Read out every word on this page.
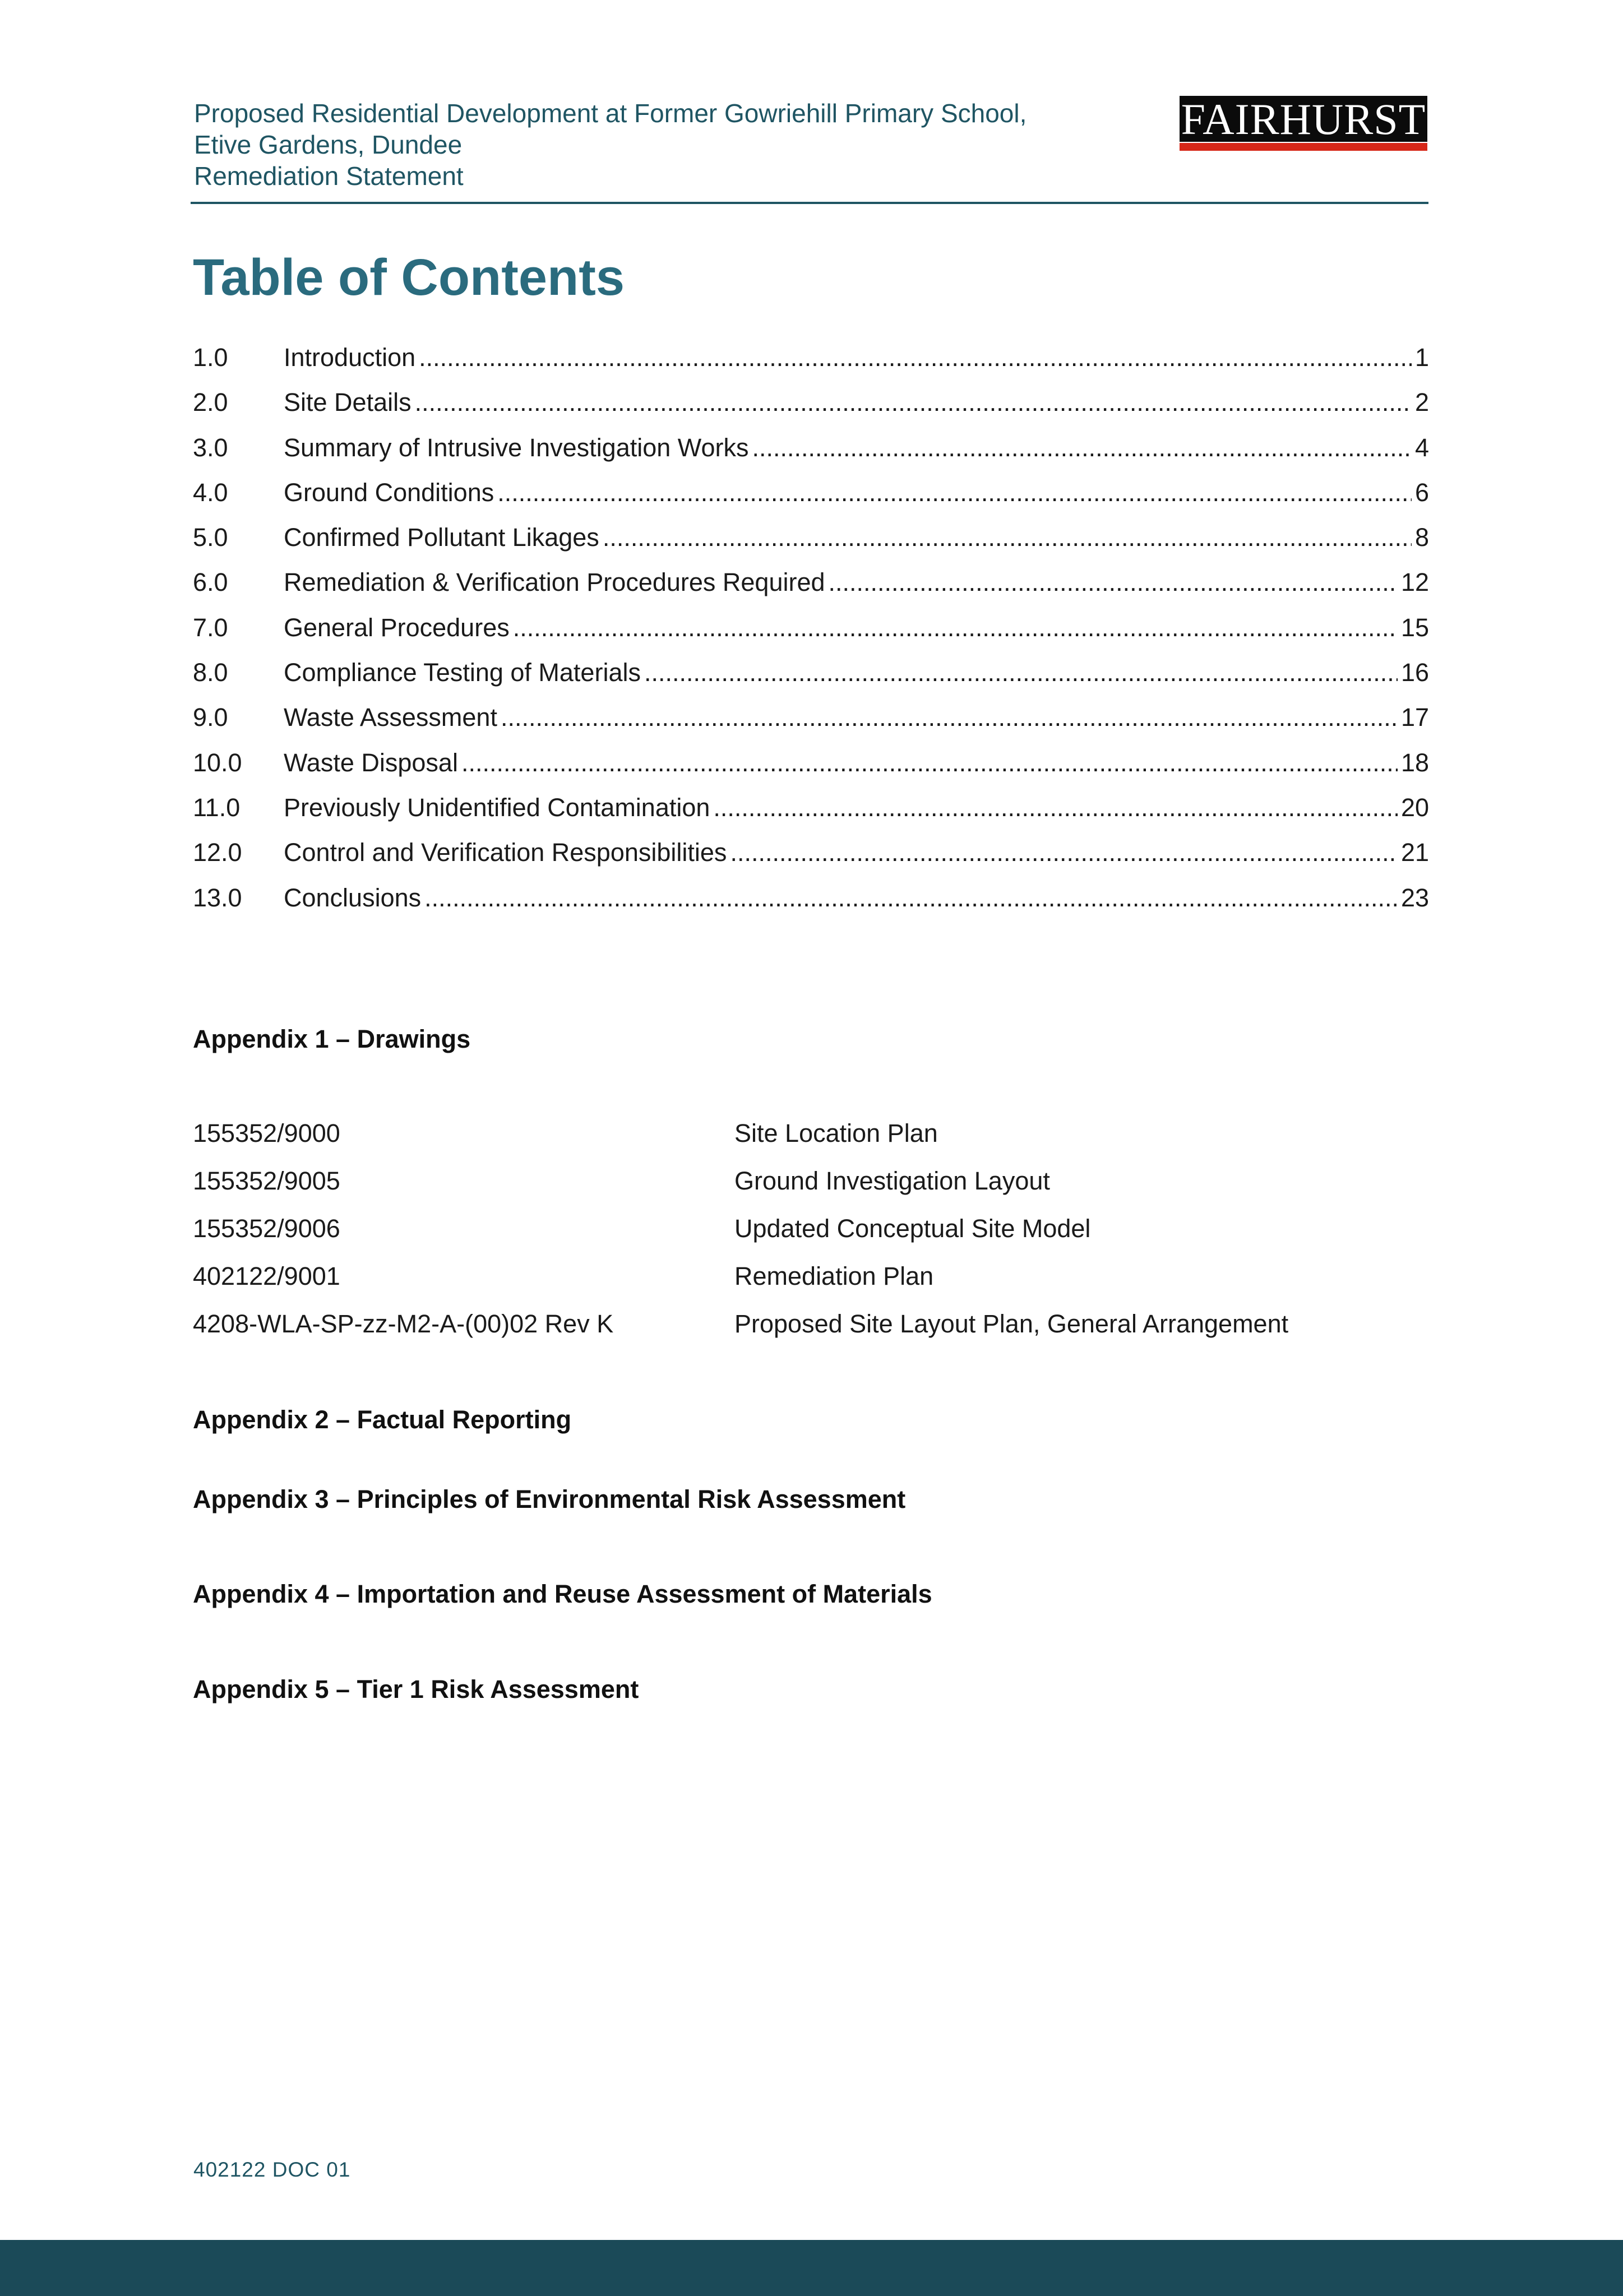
Proposed Residential Development at Former Gowriehill Primary School,
Etive Gardens, Dundee
Remediation Statement
FAIRHURST
Table of Contents
1.0	Introduction .....	1
2.0	Site Details .....	2
3.0	Summary of Intrusive Investigation Works .....	4
4.0	Ground Conditions .....	6
5.0	Confirmed Pollutant Likages .....	8
6.0	Remediation & Verification Procedures Required .....	12
7.0	General Procedures .....	15
8.0	Compliance Testing of Materials .....	16
9.0	Waste Assessment .....	17
10.0	Waste Disposal .....	18
11.0	Previously Unidentified Contamination .....	20
12.0	Control and Verification Responsibilities .....	21
13.0	Conclusions .....	23
Appendix 1 – Drawings
155352/9000	Site Location Plan
155352/9005	Ground Investigation Layout
155352/9006	Updated Conceptual Site Model
402122/9001	Remediation Plan
4208-WLA-SP-zz-M2-A-(00)02 Rev K	Proposed Site Layout Plan, General Arrangement
Appendix 2 – Factual Reporting
Appendix 3 – Principles of Environmental Risk Assessment
Appendix 4 – Importation and Reuse Assessment of Materials
Appendix 5 – Tier 1 Risk Assessment
402122 DOC 01
